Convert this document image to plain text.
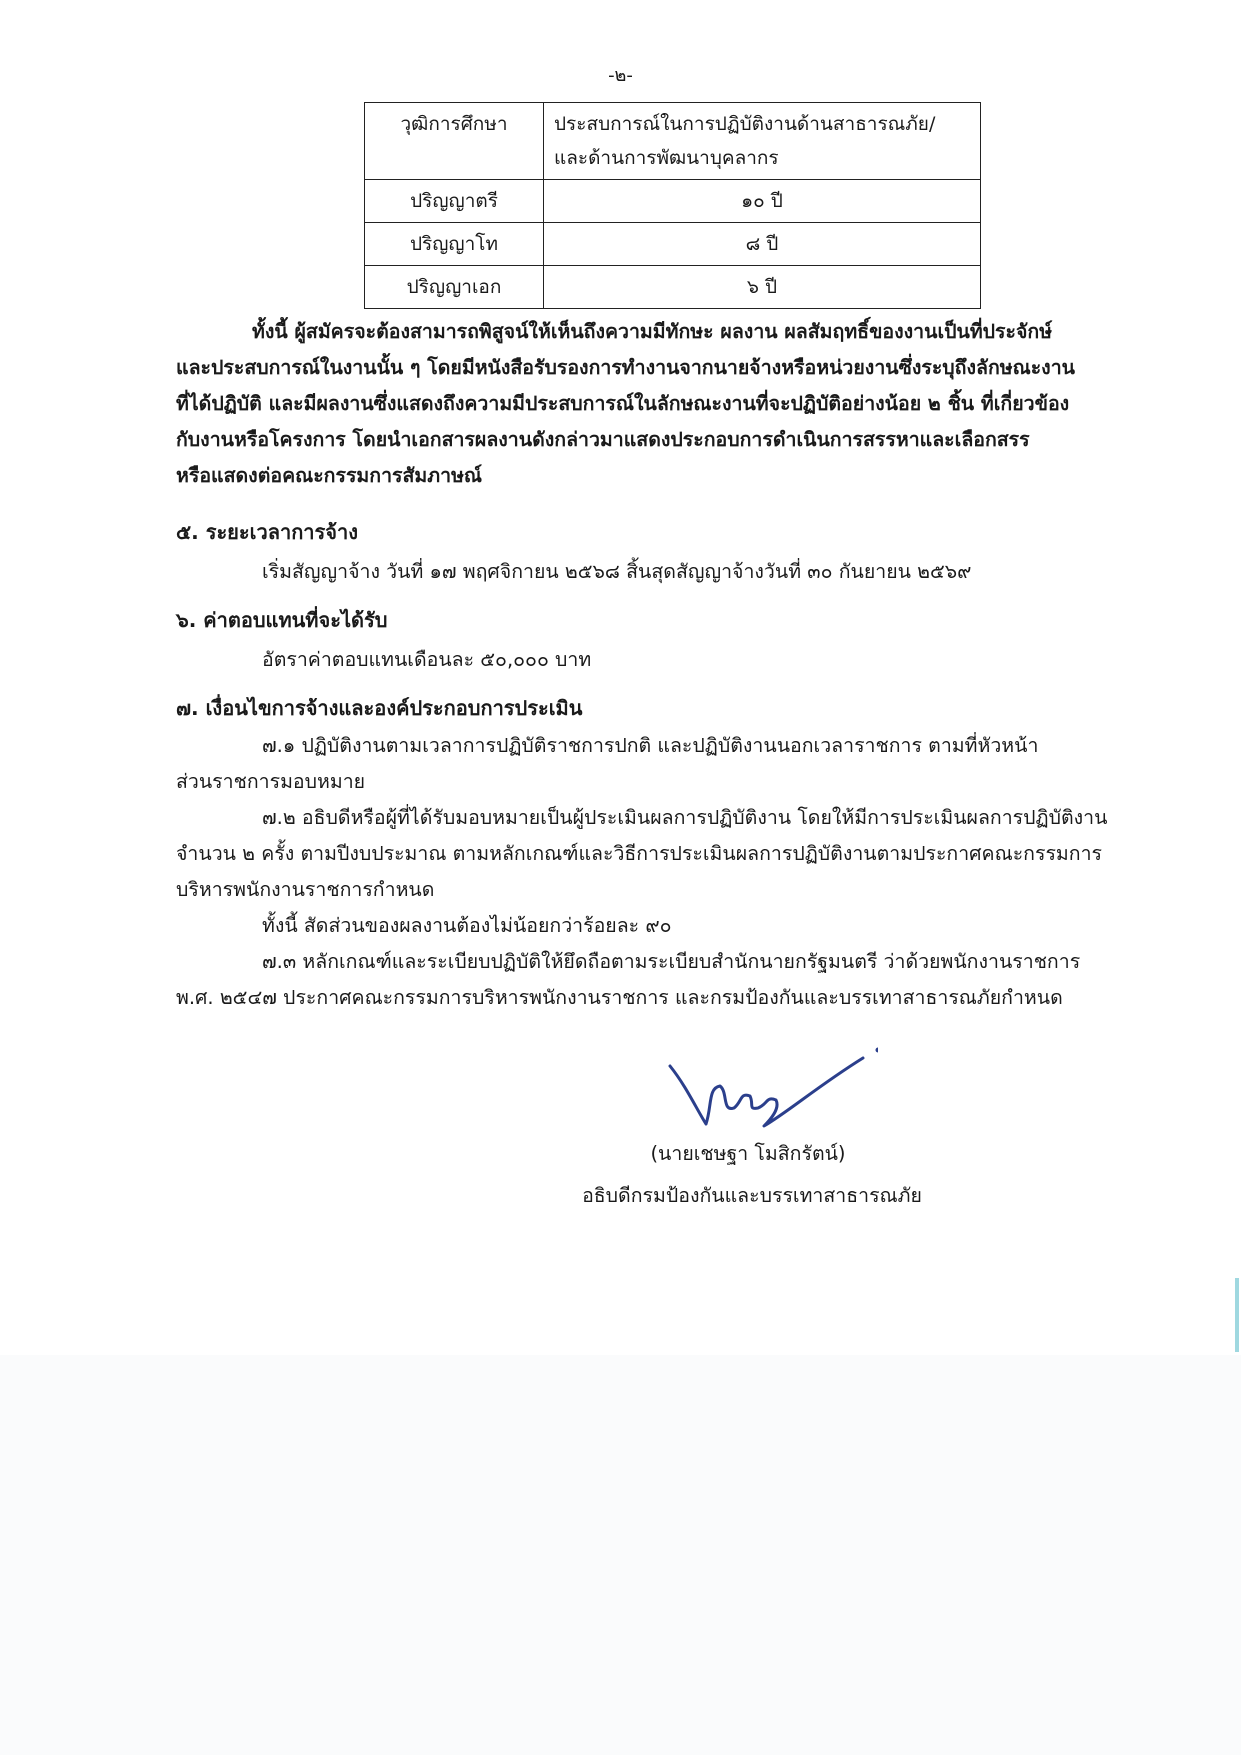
-๒-
วุฒิการศึกษา	ประสบการณ์ในการปฏิบัติงานด้านสาธารณภัย/
และด้านการพัฒนาบุคลากร

ปริญญาตรี	๑๐ ปี
ปริญญาโท	๘ ปี
ปริญญาเอก	๖ ปี
ทั้งนี้ ผู้สมัครจะต้องสามารถพิสูจน์ให้เห็นถึงความมีทักษะ ผลงาน ผลสัมฤทธิ์ของงานเป็นที่ประจักษ์
และประสบการณ์ในงานนั้น ๆ โดยมีหนังสือรับรองการทำงานจากนายจ้างหรือหน่วยงานซึ่งระบุถึงลักษณะงาน
ที่ได้ปฏิบัติ และมีผลงานซึ่งแสดงถึงความมีประสบการณ์ในลักษณะงานที่จะปฏิบัติอย่างน้อย ๒ ชิ้น ที่เกี่ยวข้อง
กับงานหรือโครงการ โดยนำเอกสารผลงานดังกล่าวมาแสดงประกอบการดำเนินการสรรหาและเลือกสรร
หรือแสดงต่อคณะกรรมการสัมภาษณ์
๕. ระยะเวลาการจ้าง
เริ่มสัญญาจ้าง วันที่ ๑๗ พฤศจิกายน ๒๕๖๘ สิ้นสุดสัญญาจ้างวันที่ ๓๐ กันยายน ๒๕๖๙
๖. ค่าตอบแทนที่จะได้รับ
อัตราค่าตอบแทนเดือนละ ๕๐,๐๐๐ บาท
๗. เงื่อนไขการจ้างและองค์ประกอบการประเมิน
๗.๑ ปฏิบัติงานตามเวลาการปฏิบัติราชการปกติ และปฏิบัติงานนอกเวลาราชการ ตามที่หัวหน้า
ส่วนราชการมอบหมาย
๗.๒ อธิบดีหรือผู้ที่ได้รับมอบหมายเป็นผู้ประเมินผลการปฏิบัติงาน โดยให้มีการประเมินผลการปฏิบัติงาน
จำนวน ๒ ครั้ง ตามปีงบประมาณ ตามหลักเกณฑ์และวิธีการประเมินผลการปฏิบัติงานตามประกาศคณะกรรมการ
บริหารพนักงานราชการกำหนด
ทั้งนี้ สัดส่วนของผลงานต้องไม่น้อยกว่าร้อยละ ๙๐
๗.๓ หลักเกณฑ์และระเบียบปฏิบัติให้ยึดถือตามระเบียบสำนักนายกรัฐมนตรี ว่าด้วยพนักงานราชการ
พ.ศ. ๒๕๔๗ ประกาศคณะกรรมการบริหารพนักงานราชการ และกรมป้องกันและบรรเทาสาธารณภัยกำหนด
(นายเชษฐา โมสิกรัตน์)
อธิบดีกรมป้องกันและบรรเทาสาธารณภัย
